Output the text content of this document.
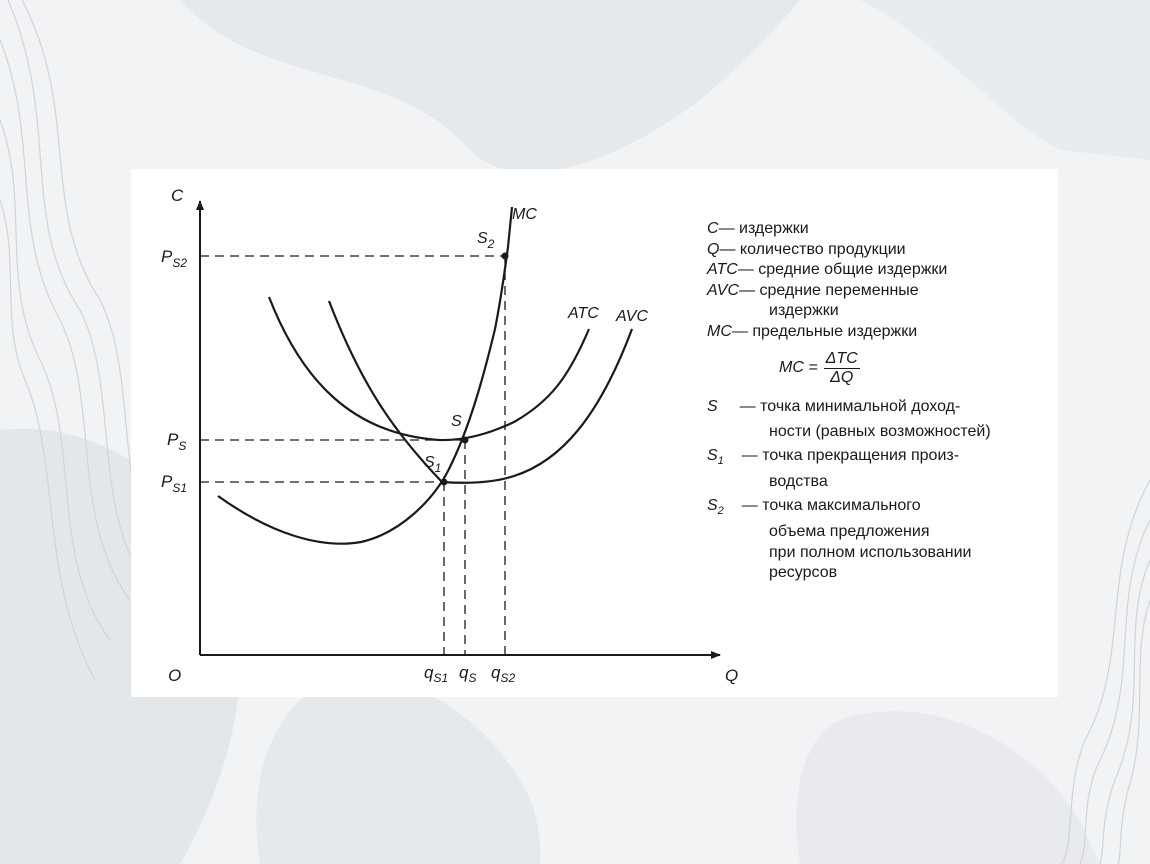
C
Q
O
$P_{S2}$
$P_S$
$P_{S1}$
$q_{S1}$ $q_S$ $q_{S2}$
MC
ATC AVC
$S_2$
S
$S_1$
C — издержки
Q — количество продукции
ATC — средние общие издержки
AVC — средние переменные
издержки
MC — предельные издержки
MC = $\frac{\text{ΔTC}}{\Delta Q}$
S	— точка минимальной доход-
ности (равных возможностей)
$S_1$	— точка прекращения произ-
водства
$S_2$	— точка максимального
объема предложения
при полном использовании
ресурсов
